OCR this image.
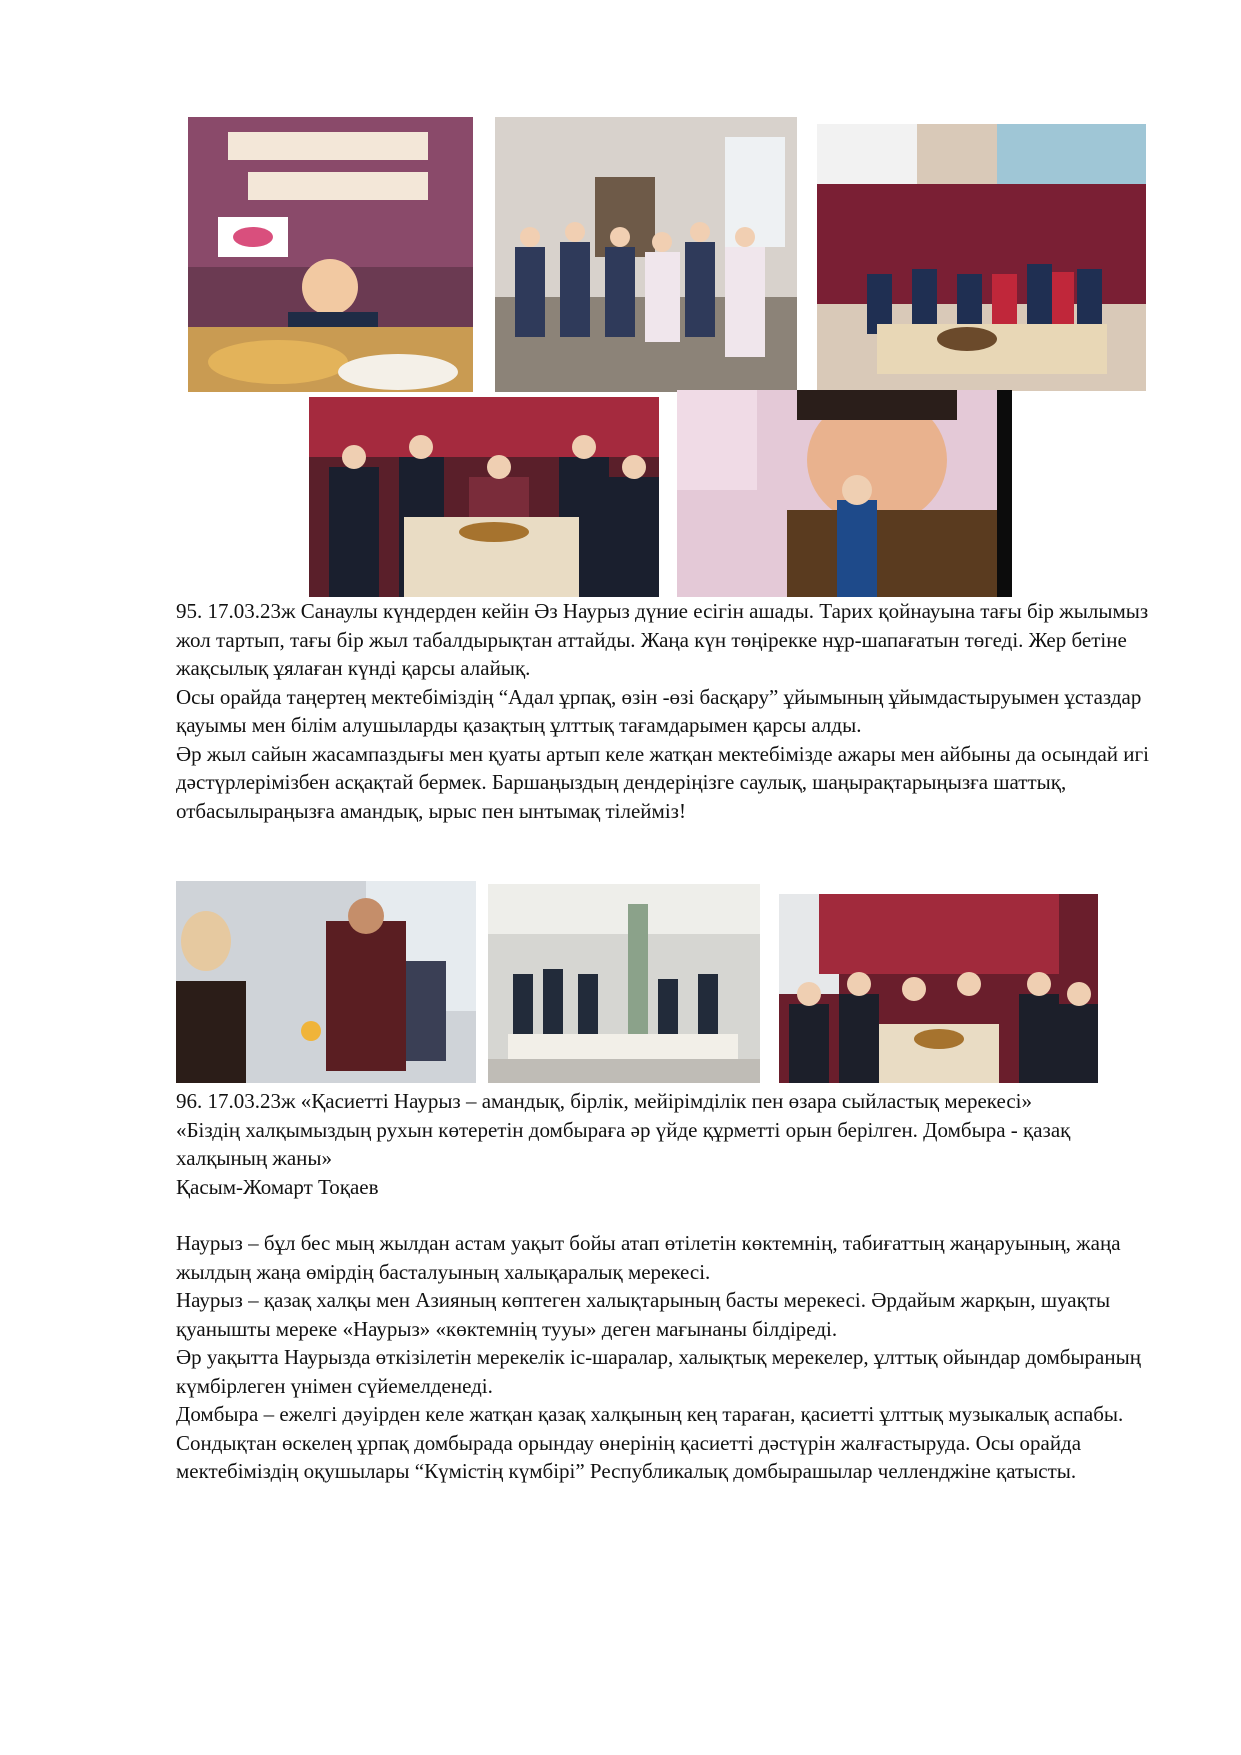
95. 17.03.23ж Санаулы күндерден кейін Әз Наурыз дүние есігін ашады. Тарих қойнауына тағы бір жылымыз жол тартып, тағы бір жыл табалдырықтан аттайды. Жаңа күн төңірекке нұр-шапағатын төгеді. Жер бетіне жақсылық ұялаған күнді қарсы алайық.

Осы орайда таңертең мектебіміздің “Адал ұрпақ, өзін -өзі басқару” ұйымының ұйымдастыруымен ұстаздар қауымы мен білім алушыларды қазақтың ұлттық тағамдарымен қарсы алды.

Әр жыл сайын жасампаздығы мен қуаты артып келе жатқан мектебімізде ажары мен айбыны да осындай игі дәстүрлерімізбен асқақтай бермек. Баршаңыздың дендеріңізге саулық, шаңырақтарыңызға шаттық, отбасылыраңызға амандық, ырыс пен ынтымақ тілейміз!

96. 17.03.23ж «Қасиетті Наурыз – амандық, бірлік, мейірімділік пен өзара сыйластық мерекесі»

«Біздің халқымыздың рухын көтеретін домбыраға әр үйде құрметті орын берілген. Домбыра - қазақ халқының жаны»

Қасым-Жомарт Тоқаев

Наурыз – бұл бес мың жылдан астам уақыт бойы атап өтілетін көктемнің, табиғаттың жаңаруының, жаңа жылдың жаңа өмірдің басталуының халықаралық мерекесі.

Наурыз – қазақ халқы мен Азияның көптеген халықтарының басты мерекесі. Әрдайым жарқын, шуақты қуанышты мереке «Наурыз» «көктемнің тууы» деген мағынаны білдіреді.

Әр уақытта Наурызда өткізілетін мерекелік іс-шаралар, халықтық мерекелер, ұлттық ойындар домбыраның күмбірлеген үнімен сүйемелденеді.

Домбыра – ежелгі дәуірден келе жатқан қазақ халқының кең тараған, қасиетті ұлттық музыкалық аспабы.

Сондықтан өскелең ұрпақ домбырада орындау өнерінің қасиетті дәстүрін жалғастыруда. Осы орайда мектебіміздің оқушылары “Күмістің күмбірі” Республикалық домбырашылар челленджіне қатысты.
